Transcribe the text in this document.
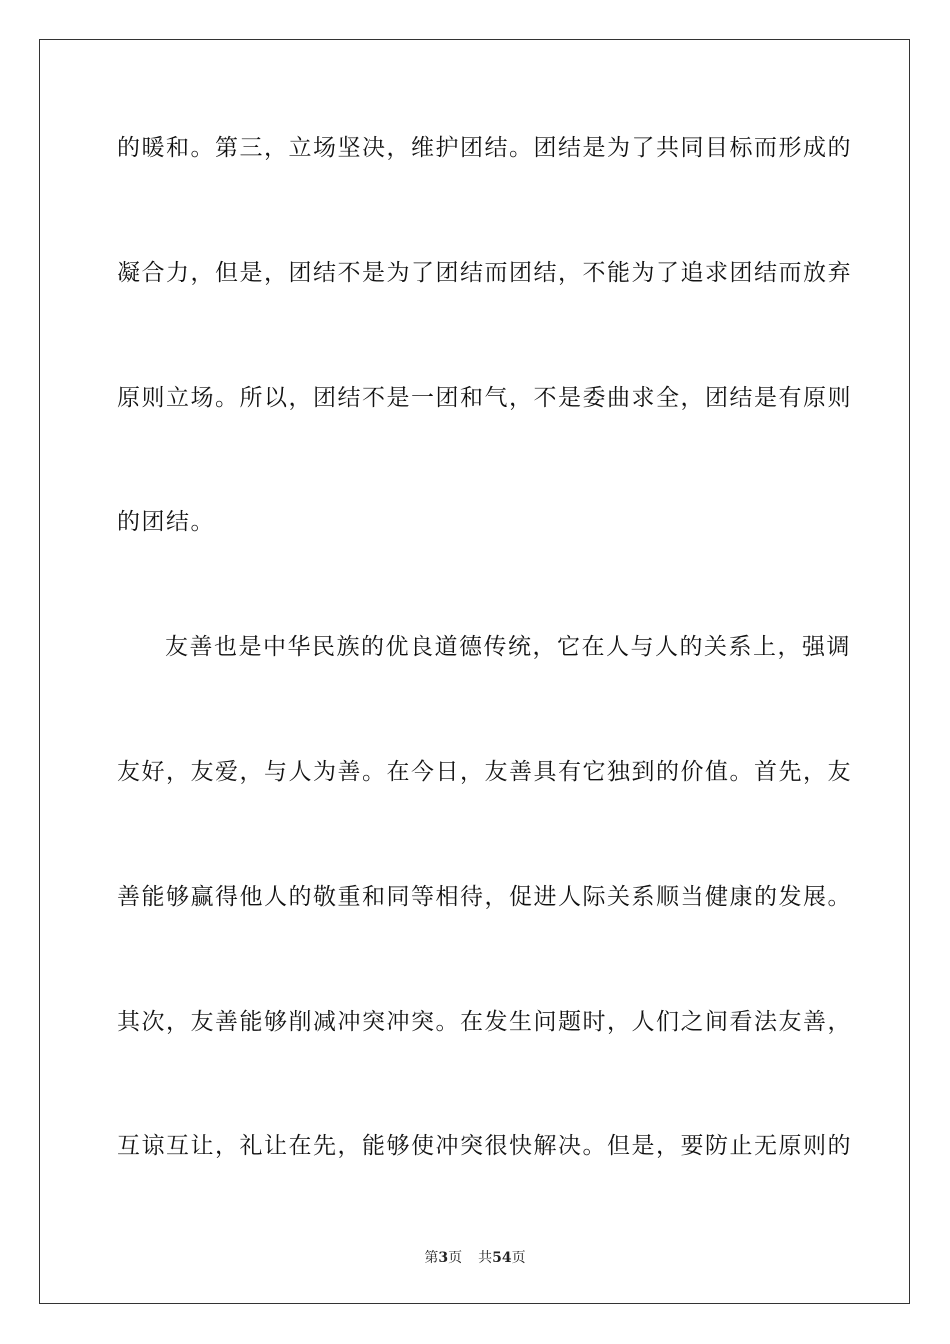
的暖和。第三，立场坚决，维护团结。团结是为了共同目标而形成的
凝合力，但是，团结不是为了团结而团结，不能为了追求团结而放弃
原则立场。所以，团结不是一团和气，不是委曲求全，团结是有原则
的团结。
友善也是中华民族的优良道德传统，它在人与人的关系上，强调
友好，友爱，与人为善。在今日，友善具有它独到的价值。首先，友
善能够赢得他人的敬重和同等相待，促进人际关系顺当健康的发展。
其次，友善能够削减冲突冲突。在发生问题时，人们之间看法友善，
互谅互让，礼让在先，能够使冲突很快解决。但是，要防止无原则的
第3页 共54页
